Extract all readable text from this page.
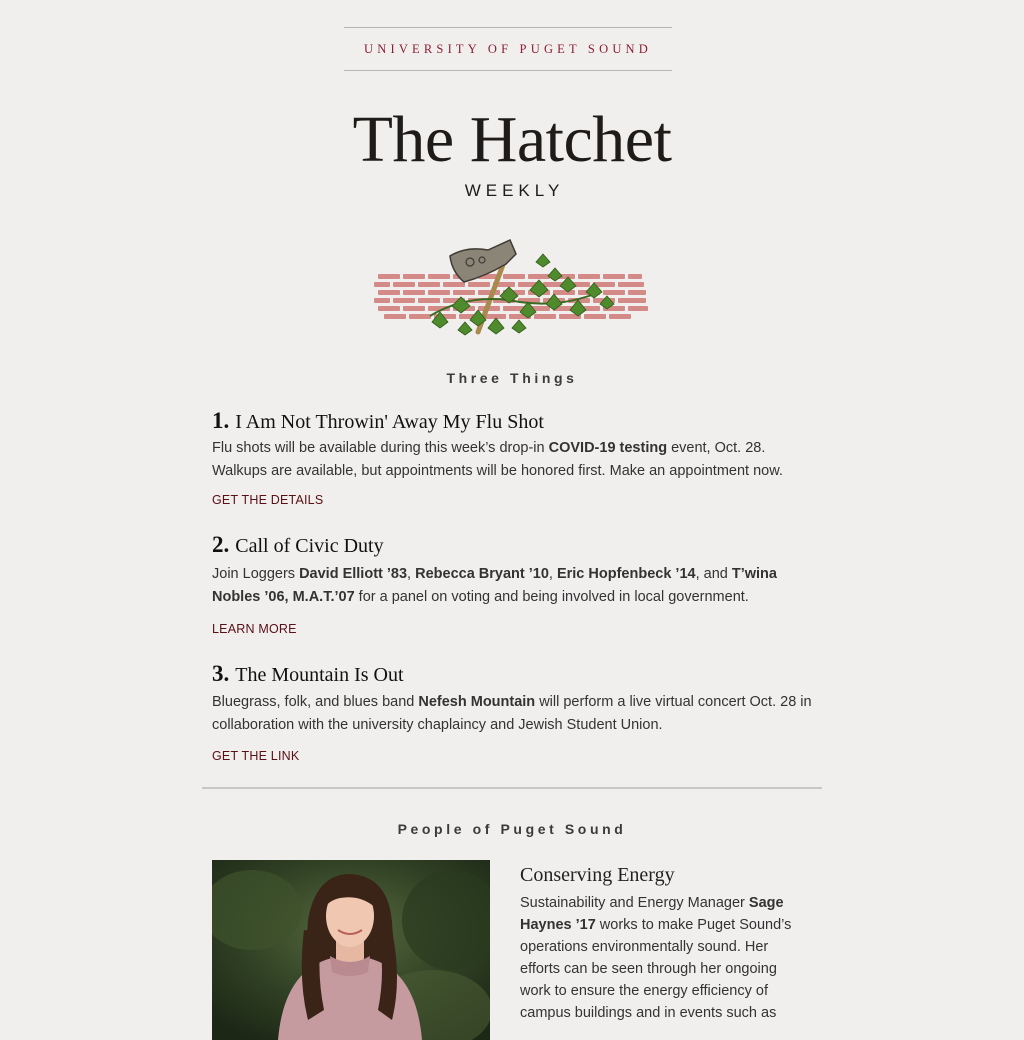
UNIVERSITY OF PUGET SOUND
The Hatchet
WEEKLY
Three Things
1. I Am Not Throwin' Away My Flu Shot
Flu shots will be available during this week’s drop-in COVID-19 testing event, Oct. 28. Walkups are available, but appointments will be honored first. Make an appointment now.
GET THE DETAILS
2. Call of Civic Duty
Join Loggers David Elliott ’83, Rebecca Bryant ’10, Eric Hopfenbeck ’14, and T’wina Nobles ’06, M.A.T.’07 for a panel on voting and being involved in local government.
LEARN MORE
3. The Mountain Is Out
Bluegrass, folk, and blues band Nefesh Mountain will perform a live virtual concert Oct. 28 in collaboration with the university chaplaincy and Jewish Student Union.
GET THE LINK
People of Puget Sound
Conserving Energy
Sustainability and Energy Manager Sage Haynes ’17 works to make Puget Sound’s operations environmentally sound. Her efforts can be seen through her ongoing work to ensure the energy efficiency of campus buildings and in events such as
